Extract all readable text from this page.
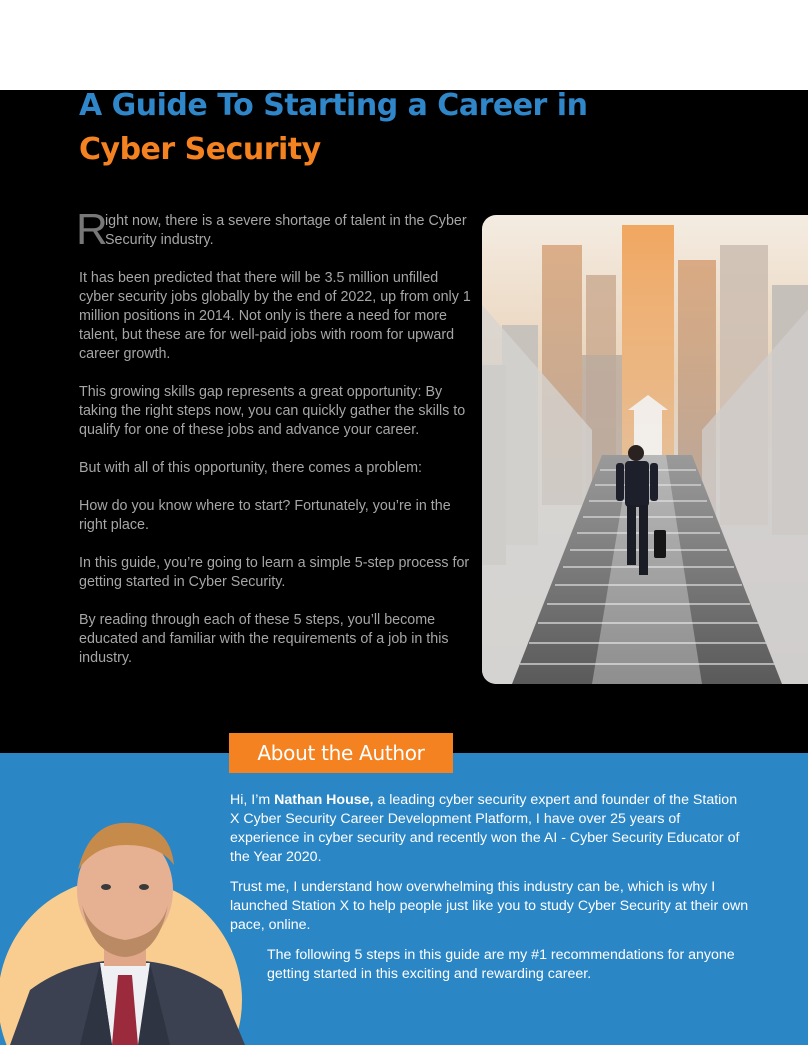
A Guide To Starting a Career in
Cyber Security

R
ight now, there is a severe shortage of talent in the Cyber Security industry.

It has been predicted that there will be 3.5 million unfilled cyber security jobs globally by the end of 2022, up from only 1 million positions in 2014. Not only is there a need for more talent, but these are for well-paid jobs with room for upward career growth.

This growing skills gap represents a great opportunity: By taking the right steps now, you can quickly gather the skills to qualify for one of these jobs and advance your career.

But with all of this opportunity, there comes a problem:

How do you know where to start? Fortunately, you’re in the right place.

In this guide, you’re going to learn a simple 5-step process for getting started in Cyber Security.

By reading through each of these 5 steps, you’ll become educated and familiar with the requirements of a job in this industry.

About the Author

Hi, I’m Nathan House, a leading cyber security expert and founder of the Station X Cyber Security Career Development Platform, I have over 25 years of experience in cyber security and recently won the AI - Cyber Security Educator of the Year 2020.

Trust me, I understand how overwhelming this industry can be, which is why I launched Station X to help people just like you to study Cyber Security at their own pace, online.

The following 5 steps in this guide are my #1 recommendations for anyone getting started in this exciting and rewarding career.
